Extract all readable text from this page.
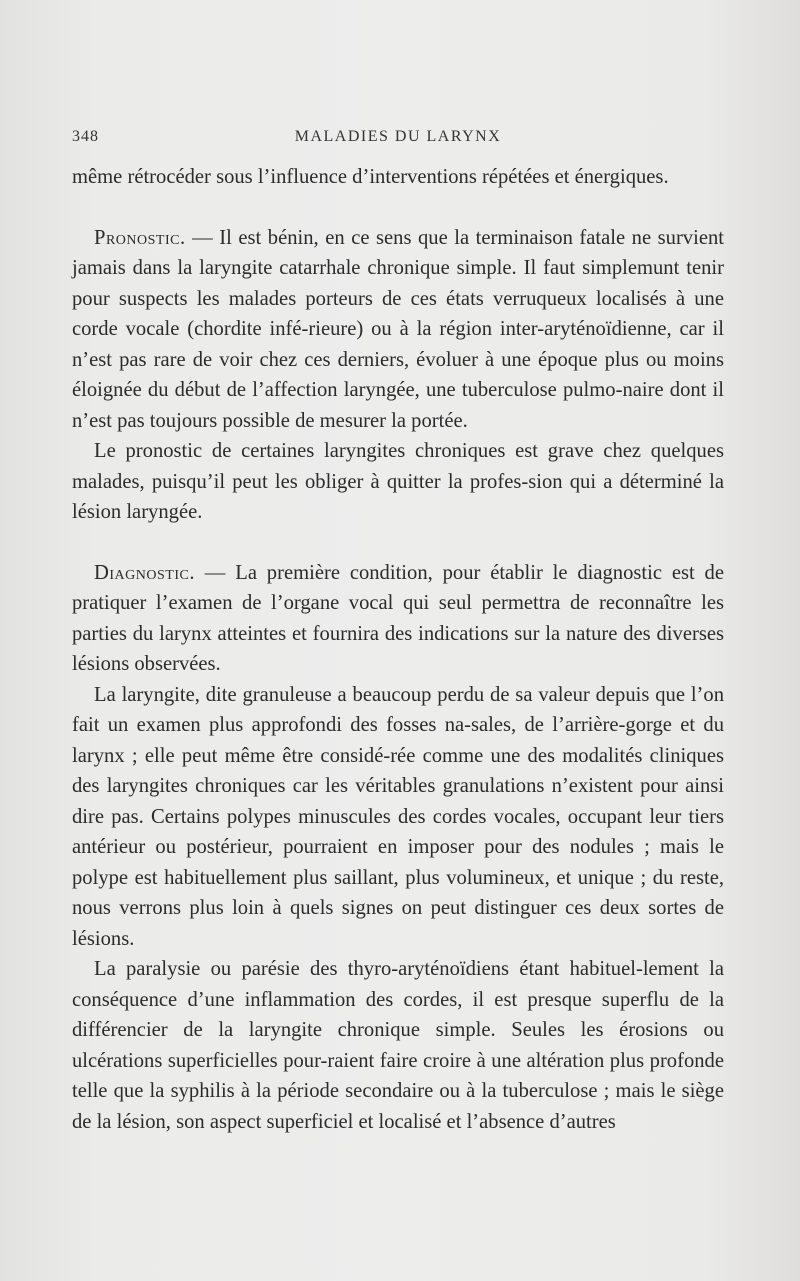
348	MALADIES DU LARYNX

même rétrocéder sous l’influence d’interventions répétées et énergiques.

Pronostic. — Il est bénin, en ce sens que la terminaison fatale ne survient jamais dans la laryngite catarrhale chronique simple. Il faut simplemunt tenir pour suspects les malades porteurs de ces états verruqueux localisés à une corde vocale (chordite infé-rieure) ou à la région inter-aryténoïdienne, car il n’est pas rare de voir chez ces derniers, évoluer à une époque plus ou moins éloignée du début de l’affection laryngée, une tuberculose pulmo-naire dont il n’est pas toujours possible de mesurer la portée.

Le pronostic de certaines laryngites chroniques est grave chez quelques malades, puisqu’il peut les obliger à quitter la profes-sion qui a déterminé la lésion laryngée.

Diagnostic. — La première condition, pour établir le diagnostic est de pratiquer l’examen de l’organe vocal qui seul permettra de reconnaître les parties du larynx atteintes et fournira des indications sur la nature des diverses lésions observées.

La laryngite, dite granuleuse a beaucoup perdu de sa valeur depuis que l’on fait un examen plus approfondi des fosses na-sales, de l’arrière-gorge et du larynx ; elle peut même être considé-rée comme une des modalités cliniques des laryngites chroniques car les véritables granulations n’existent pour ainsi dire pas. Certains polypes minuscules des cordes vocales, occupant leur tiers antérieur ou postérieur, pourraient en imposer pour des nodules ; mais le polype est habituellement plus saillant, plus volumineux, et unique ; du reste, nous verrons plus loin à quels signes on peut distinguer ces deux sortes de lésions.

La paralysie ou parésie des thyro-aryténoïdiens étant habituel-lement la conséquence d’une inflammation des cordes, il est presque superflu de la différencier de la laryngite chronique simple. Seules les érosions ou ulcérations superficielles pour-raient faire croire à une altération plus profonde telle que la syphilis à la période secondaire ou à la tuberculose ; mais le siège de la lésion, son aspect superficiel et localisé et l’absence d’autres
